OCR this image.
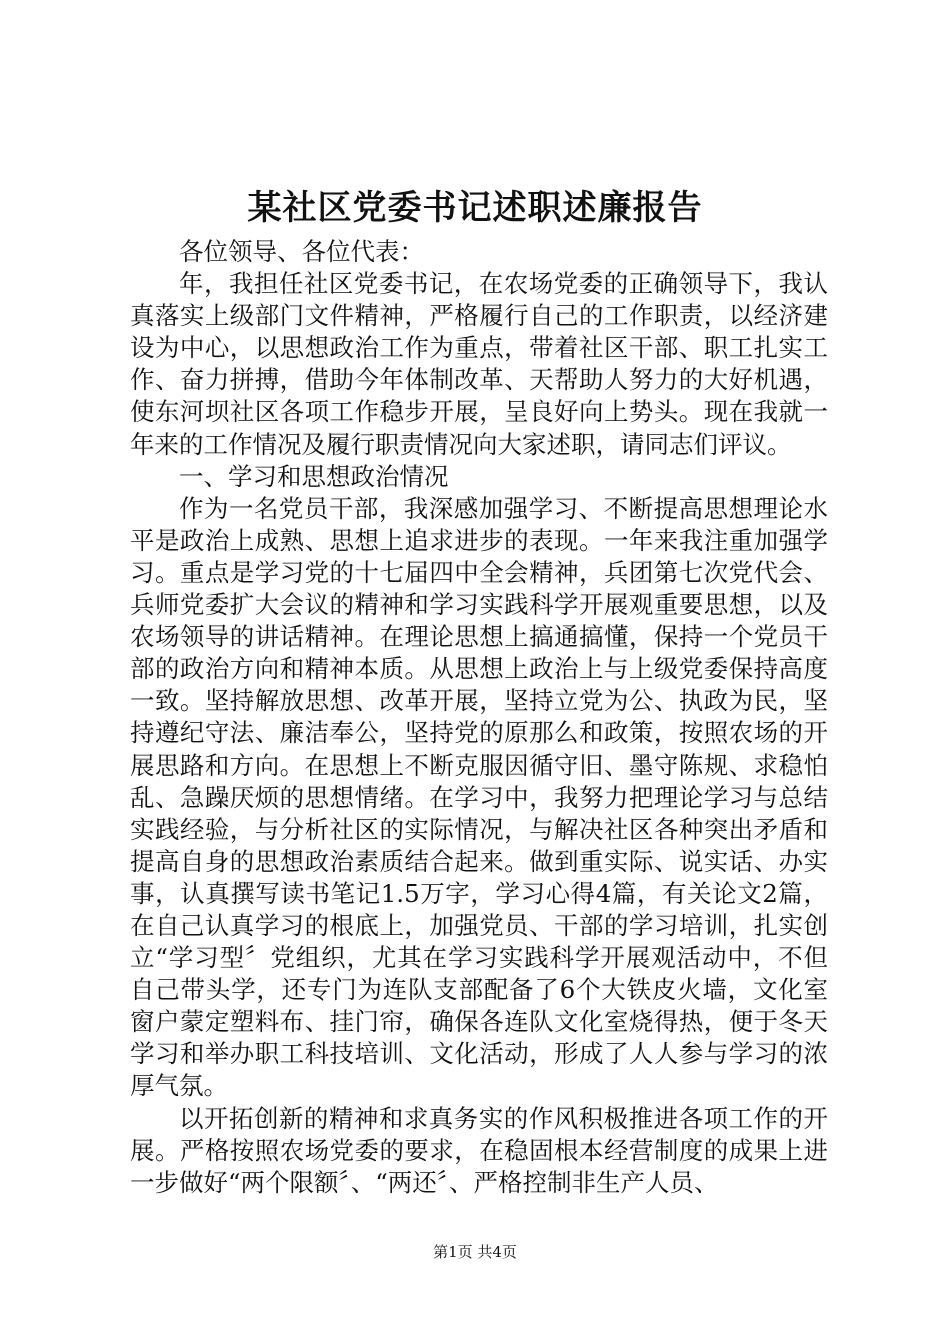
某社区党委书记述职述廉报告

各位领导、各位代表：

年，我担任社区党委书记，在农场党委的正确领导下，我认真落实上级部门文件精神，严格履行自己的工作职责，以经济建设为中心，以思想政治工作为重点，带着社区干部、职工扎实工作、奋力拼搏，借助今年体制改革、天帮助人努力的大好机遇，使东河坝社区各项工作稳步开展，呈良好向上势头。现在我就一年来的工作情况及履行职责情况向大家述职，请同志们评议。

一、学习和思想政治情况

作为一名党员干部，我深感加强学习、不断提高思想理论水平是政治上成熟、思想上追求进步的表现。一年来我注重加强学习。重点是学习党的十七届四中全会精神，兵团第七次党代会、兵师党委扩大会议的精神和学习实践科学开展观重要思想，以及农场领导的讲话精神。在理论思想上搞通搞懂，保持一个党员干部的政治方向和精神本质。从思想上政治上与上级党委保持高度一致。坚持解放思想、改革开展，坚持立党为公、执政为民，坚持遵纪守法、廉洁奉公，坚持党的原那么和政策，按照农场的开展思路和方向。在思想上不断克服因循守旧、墨守陈规、求稳怕乱、急躁厌烦的思想情绪。在学习中，我努力把理论学习与总结实践经验，与分析社区的实际情况，与解决社区各种突出矛盾和提高自身的思想政治素质结合起来。做到重实际、说实话、办实事，认真撰写读书笔记1.5万字，学习心得4篇，有关论文2篇，在自己认真学习的根底上，加强党员、干部的学习培训，扎实创立“学习型〞党组织，尤其在学习实践科学开展观活动中，不但自己带头学，还专门为连队支部配备了6个大铁皮火墙，文化室窗户蒙定塑料布、挂门帘，确保各连队文化室烧得热，便于冬天学习和举办职工科技培训、文化活动，形成了人人参与学习的浓厚气氛。

以开拓创新的精神和求真务实的作风积极推进各项工作的开展。严格按照农场党委的要求，在稳固根本经营制度的成果上进一步做好“两个限额〞、“两还〞、严格控制非生产人员、

第1页 共4页
